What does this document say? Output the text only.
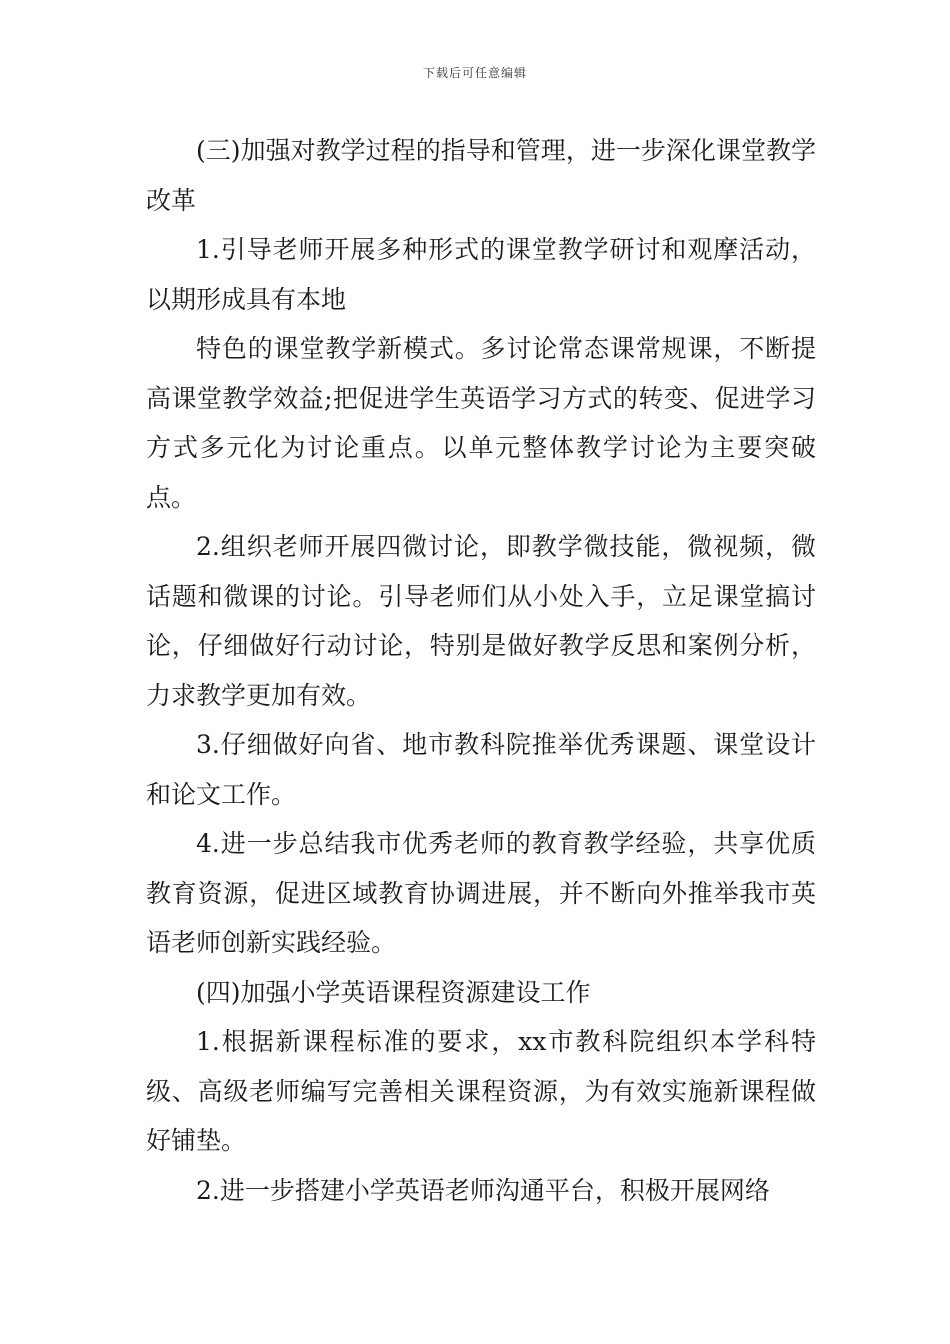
下载后可任意编辑

(三)加强对教学过程的指导和管理，进一步深化课堂教学改革

1.引导老师开展多种形式的课堂教学研讨和观摩活动，以期形成具有本地

特色的课堂教学新模式。多讨论常态课常规课，不断提高课堂教学效益;把促进学生英语学习方式的转变、促进学习方式多元化为讨论重点。以单元整体教学讨论为主要突破点。

2.组织老师开展四微讨论，即教学微技能，微视频，微话题和微课的讨论。引导老师们从小处入手，立足课堂搞讨论，仔细做好行动讨论，特别是做好教学反思和案例分析，力求教学更加有效。

3.仔细做好向省、地市教科院推举优秀课题、课堂设计和论文工作。

4.进一步总结我市优秀老师的教育教学经验，共享优质教育资源，促进区域教育协调进展，并不断向外推举我市英语老师创新实践经验。

(四)加强小学英语课程资源建设工作

1.根据新课程标准的要求，xx市教科院组织本学科特级、高级老师编写完善相关课程资源，为有效实施新课程做好铺垫。

2.进一步搭建小学英语老师沟通平台，积极开展网络
